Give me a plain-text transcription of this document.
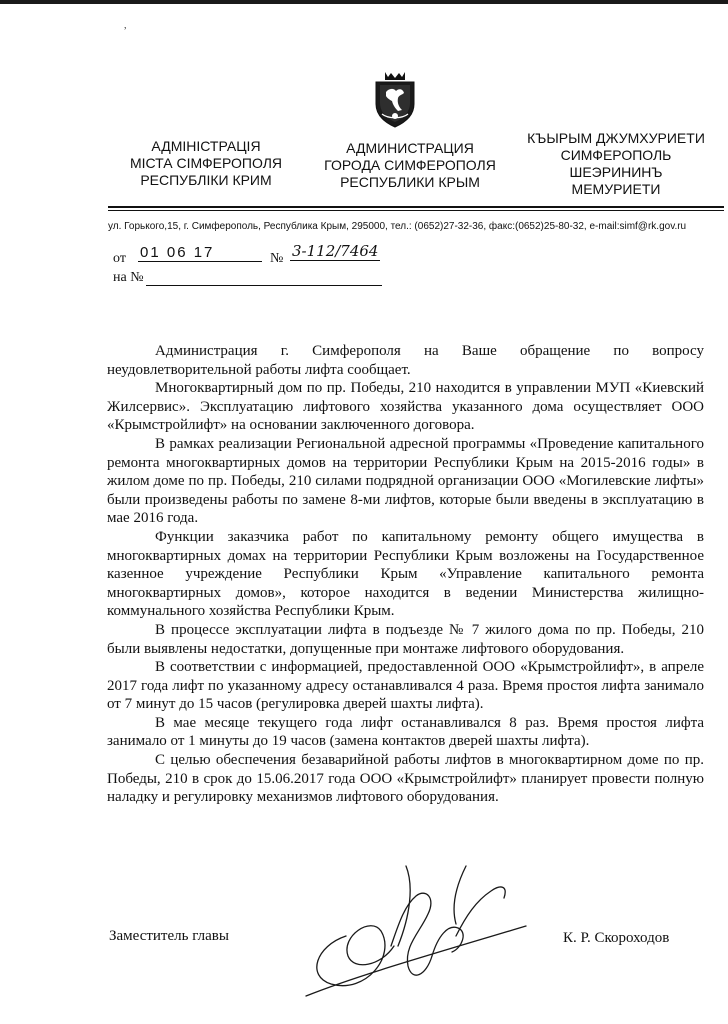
,
АДМІНІСТРАЦІЯ
МІСТА СІМФЕРОПОЛЯ
РЕСПУБЛІКИ КРИМ
АДМИНИСТРАЦИЯ
ГОРОДА СИМФЕРОПОЛЯ
РЕСПУБЛИКИ КРЫМ
КЪЫРЫМ ДЖУМХУРИЕТИ
СИМФЕРОПОЛЬ
ШЕЭРИНИНЪ
МЕМУРИЕТИ
ул. Горького,15, г. Симферополь, Республика Крым, 295000, тел.: (0652)27-32-36, факс:(0652)25-80-32, e-mail:simf@rk.gov.ru
от 01 06 17	№ 3-112/7464
на №

Администрация г. Симферополя на Ваше обращение по вопросу неудовлетворительной работы лифта сообщает.

Многоквартирный дом по пр. Победы, 210 находится в управлении МУП «Киевский Жилсервис». Эксплуатацию лифтового хозяйства указанного дома осуществляет ООО «Крымстройлифт» на основании заключенного договора.

В рамках реализации Региональной адресной программы «Проведение капитального ремонта многоквартирных домов на территории Республики Крым на 2015-2016 годы» в жилом доме по пр. Победы, 210 силами подрядной организации ООО «Могилевские лифты» были произведены работы по замене 8-ми лифтов, которые были введены в эксплуатацию в мае 2016 года.

Функции заказчика работ по капитальному ремонту общего имущества в многоквартирных домах на территории Республики Крым возложены на Государственное казенное учреждение Республики Крым «Управление капитального ремонта многоквартирных домов», которое находится в ведении Министерства жилищно-коммунального хозяйства Республики Крым.

В процессе эксплуатации лифта в подъезде № 7 жилого дома по пр. Победы, 210 были выявлены недостатки, допущенные при монтаже лифтового оборудования.

В соответствии с информацией, предоставленной ООО «Крымстройлифт», в апреле 2017 года лифт по указанному адресу останавливался 4 раза. Время простоя лифта занимало от 7 минут до 15 часов (регулировка дверей шахты лифта).

В мае месяце текущего года лифт останавливался 8 раз. Время простоя лифта занимало от 1 минуты до 19 часов (замена контактов дверей шахты лифта).

С целью обеспечения безаварийной работы лифтов в многоквартирном доме по пр. Победы, 210 в срок до 15.06.2017 года ООО «Крымстройлифт» планирует провести полную наладку и регулировку механизмов лифтового оборудования.

Заместитель главы	К. Р. Скороходов
